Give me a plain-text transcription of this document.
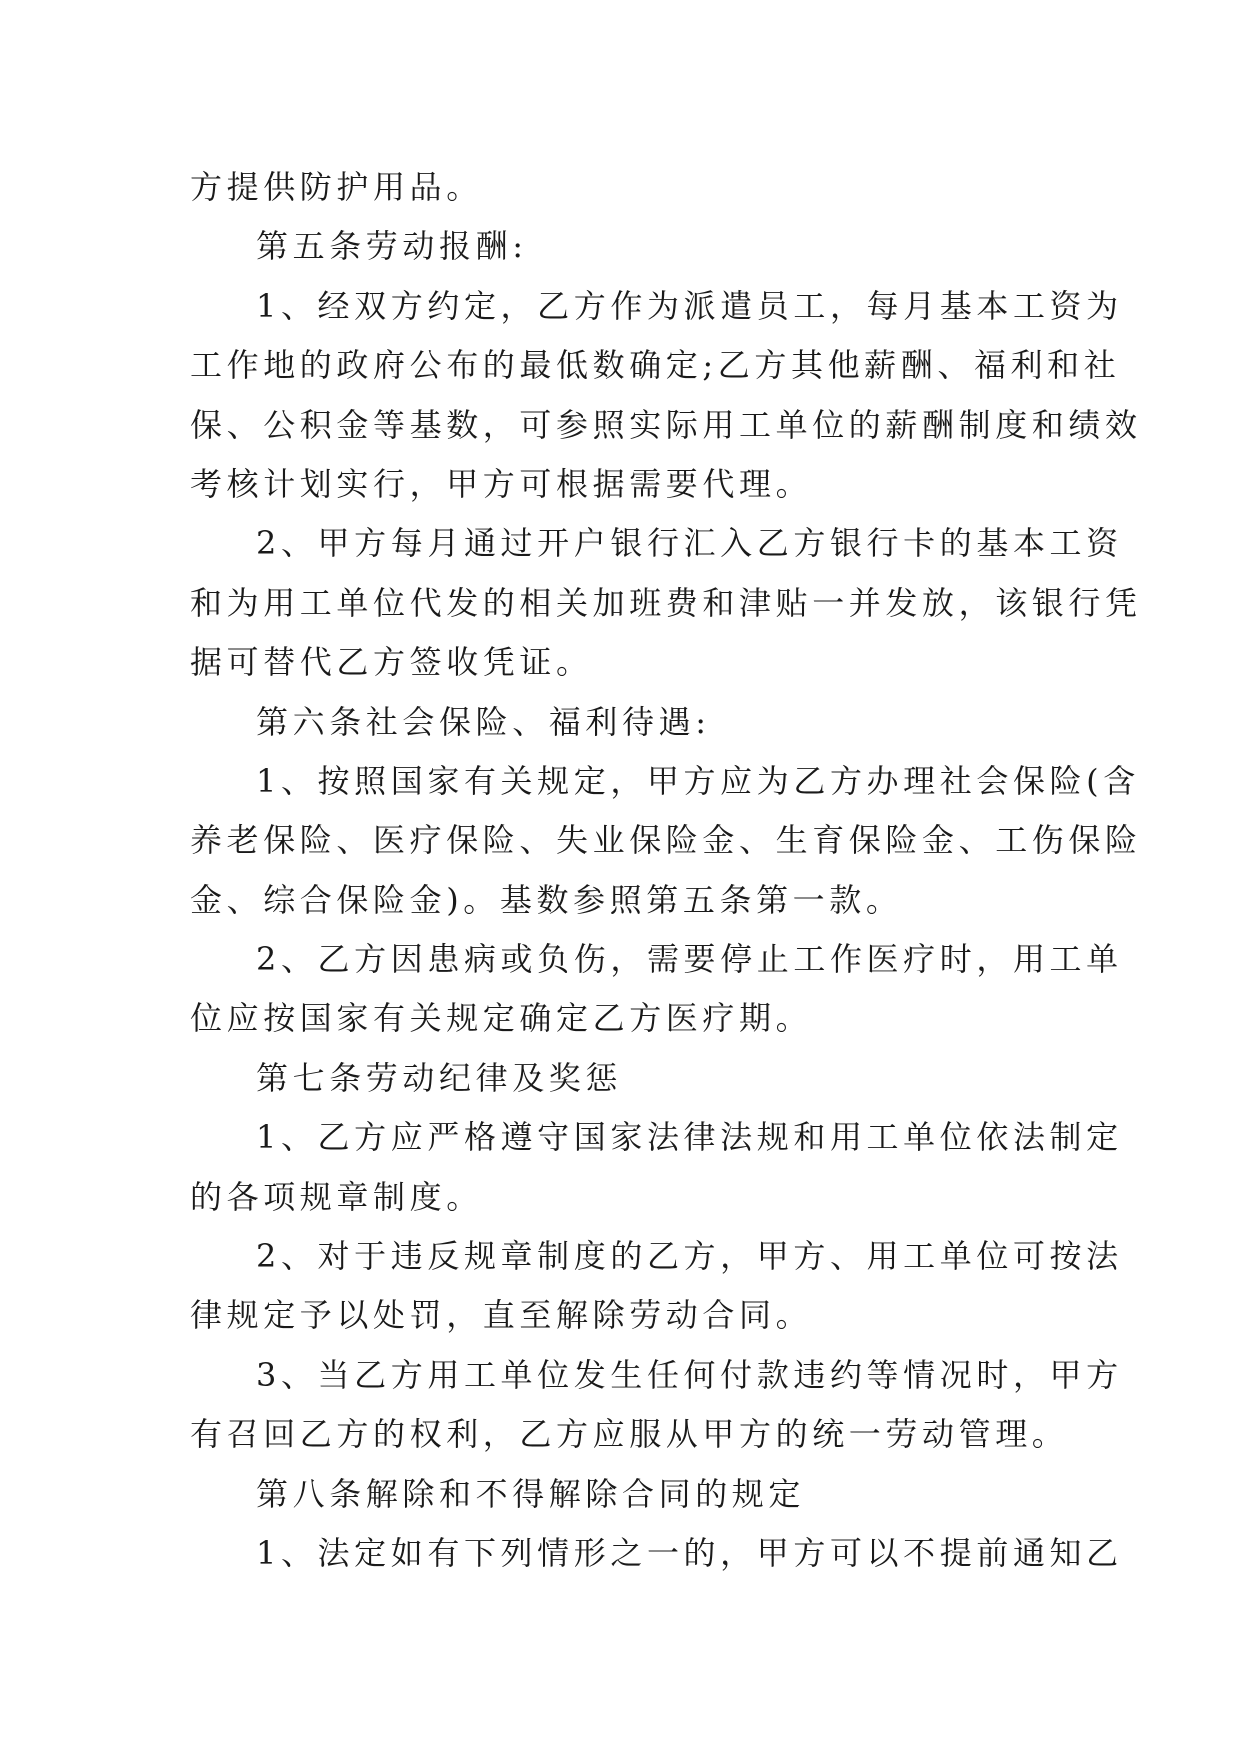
方提供防护用品。
第五条劳动报酬:
1、经双方约定，乙方作为派遣员工，每月基本工资为
工作地的政府公布的最低数确定;乙方其他薪酬、福利和社
保、公积金等基数，可参照实际用工单位的薪酬制度和绩效
考核计划实行，甲方可根据需要代理。
2、甲方每月通过开户银行汇入乙方银行卡的基本工资
和为用工单位代发的相关加班费和津贴一并发放，该银行凭
据可替代乙方签收凭证。
第六条社会保险、福利待遇:
1、按照国家有关规定，甲方应为乙方办理社会保险(含
养老保险、医疗保险、失业保险金、生育保险金、工伤保险
金、综合保险金)。基数参照第五条第一款。
2、乙方因患病或负伤，需要停止工作医疗时，用工单
位应按国家有关规定确定乙方医疗期。
第七条劳动纪律及奖惩
1、乙方应严格遵守国家法律法规和用工单位依法制定
的各项规章制度。
2、对于违反规章制度的乙方，甲方、用工单位可按法
律规定予以处罚，直至解除劳动合同。
3、当乙方用工单位发生任何付款违约等情况时，甲方
有召回乙方的权利，乙方应服从甲方的统一劳动管理。
第八条解除和不得解除合同的规定
1、法定如有下列情形之一的，甲方可以不提前通知乙
